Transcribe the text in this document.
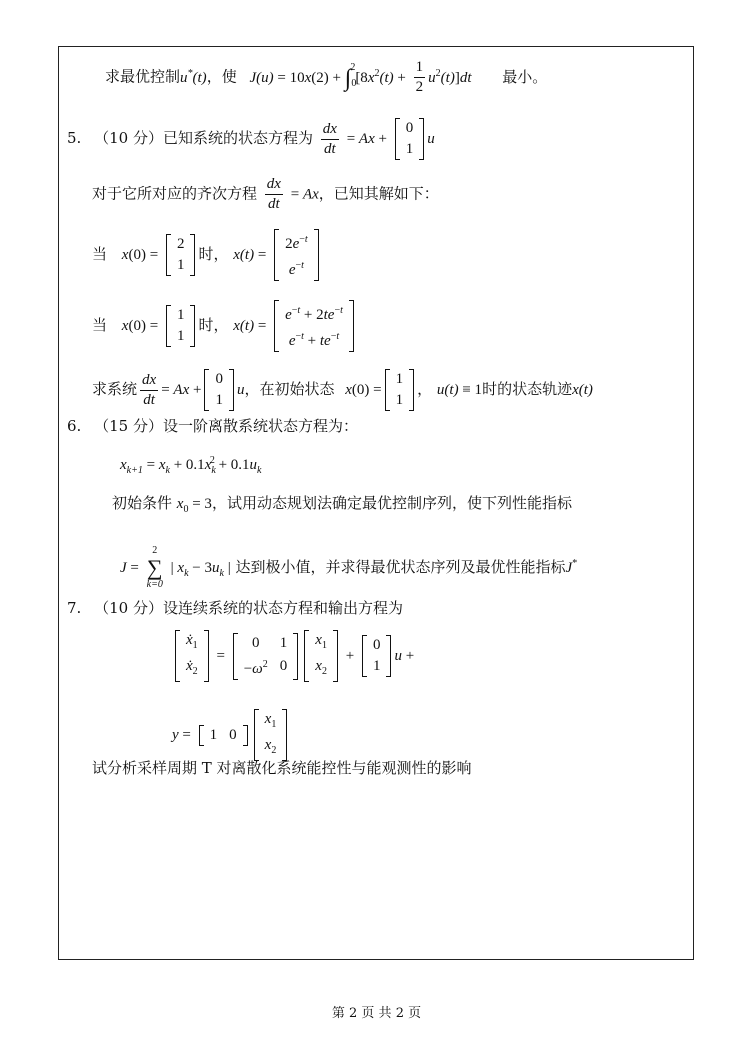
求最优控制u*(t)，使 $J(u) = 10x(2) + \int_0^2[8x^2(t) + \frac{1}{2} u^2(t)]dt$ 最小。
5. （10 分）已知系统的状态方程为 $\frac{dx}{dt} = Ax$ +
0
1
u
对于它所对应的齐次方程 $\frac{dx}{dt} = Ax$，已知其解如下：
当 x(0) =
2
1
时， x(t) =
$2e^{-t}$
$e^{-t}$
当 x(0) =
1
1
时， x(t) =
$e^{-t} + 2te^{-t}$
$e^{-t} + te^{-t}$
求系统 $\frac{dx}{dt} = Ax$ +
0
1
u，在初始状态 x(0) =
1
1
， u(t) ≡ 1时的状态轨迹x(t)
6. （15 分）设一阶离散系统状态方程为：
$x_{k+1} = x_k + 0.1x_k^2 + 0.1u_k$
初始条件 $x_0 = 3$，试用动态规划法确定最优控制序列，使下列性能指标
J =
2
∑
k=0
| $x_k - 3u_k$ | 达到极小值，并求得最优状态序列及最优性能指标J*
7. （10 分）设连续系统的状态方程和输出方程为
ẋ$_1$
ẋ$_2$
=
0	1
$-\omega^2$	0
$x_1$
$x_2$
+
0
1
u +
y = 1	0
$x_1$
$x_2$
试分析采样周期 T 对离散化系统能控性与能观测性的影响
第 2 页 共 2 页
